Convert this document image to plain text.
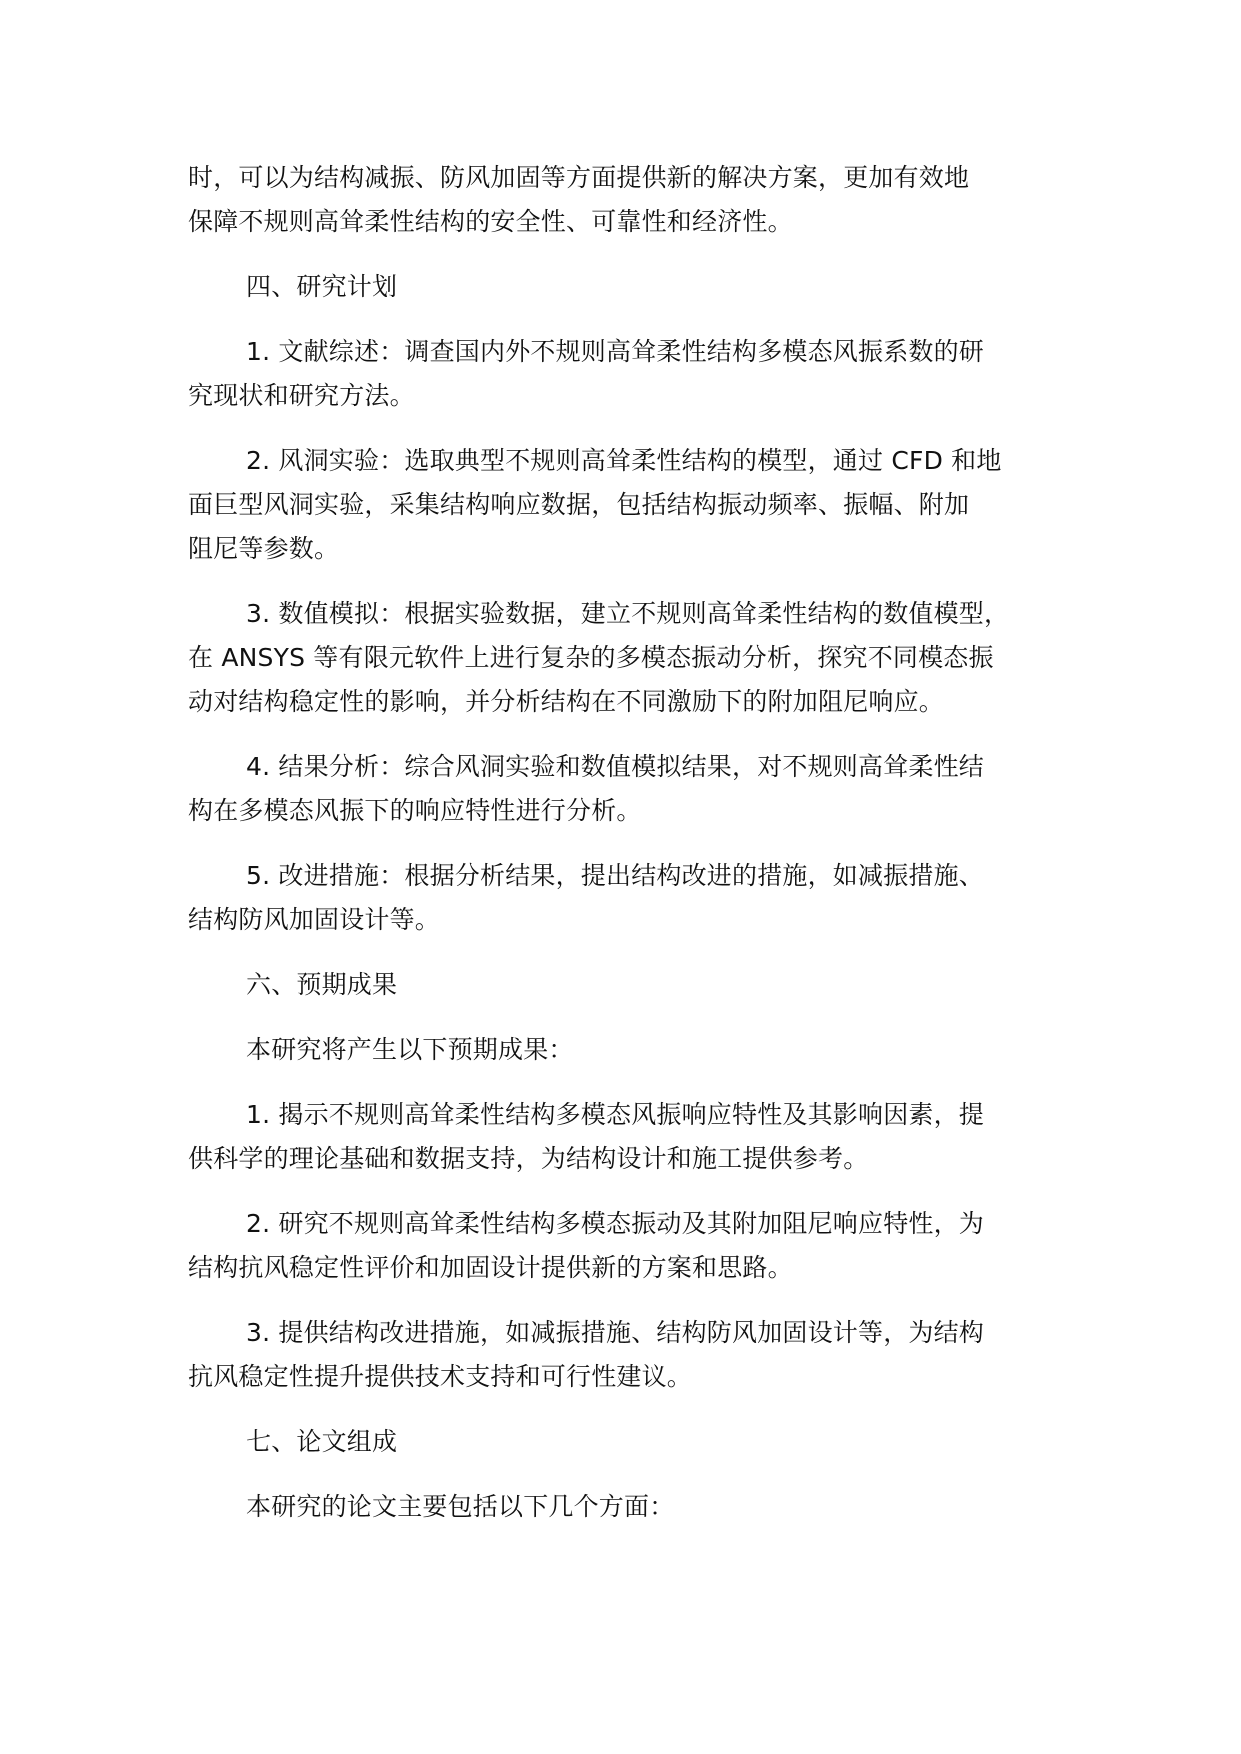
时，可以为结构减振、防风加固等方面提供新的解决方案，更加有效地
保障不规则高耸柔性结构的安全性、可靠性和经济性。

四、研究计划

1. 文献综述：调查国内外不规则高耸柔性结构多模态风振系数的研
究现状和研究方法。

2. 风洞实验：选取典型不规则高耸柔性结构的模型，通过 CFD 和地
面巨型风洞实验，采集结构响应数据，包括结构振动频率、振幅、附加
阻尼等参数。

3. 数值模拟：根据实验数据，建立不规则高耸柔性结构的数值模型，
在 ANSYS 等有限元软件上进行复杂的多模态振动分析，探究不同模态振
动对结构稳定性的影响，并分析结构在不同激励下的附加阻尼响应。

4. 结果分析：综合风洞实验和数值模拟结果，对不规则高耸柔性结
构在多模态风振下的响应特性进行分析。

5. 改进措施：根据分析结果，提出结构改进的措施，如减振措施、
结构防风加固设计等。

六、预期成果

本研究将产生以下预期成果：

1. 揭示不规则高耸柔性结构多模态风振响应特性及其影响因素，提
供科学的理论基础和数据支持，为结构设计和施工提供参考。

2. 研究不规则高耸柔性结构多模态振动及其附加阻尼响应特性，为
结构抗风稳定性评价和加固设计提供新的方案和思路。

3. 提供结构改进措施，如减振措施、结构防风加固设计等，为结构
抗风稳定性提升提供技术支持和可行性建议。

七、论文组成

本研究的论文主要包括以下几个方面：
